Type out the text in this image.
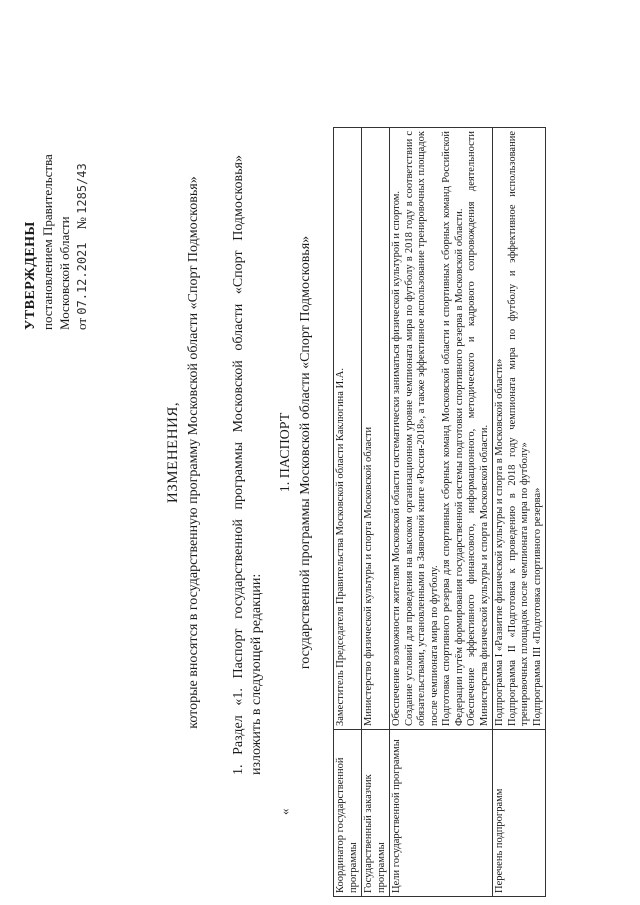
УТВЕРЖДЕНЫ постановлением Правительства Московской области от 07.12.2021    № 1285/43
ИЗМЕНЕНИЯ, которые вносятся в государственную программу Московской области «Спорт Подмосковья» 1. Раздел «1. Паспорт государственной программы Московской области «Спорт Подмосковья» изложить в следующей редакции:
«
1. ПАСПОРТ государственной программы Московской области «Спорт Подмосковья»
Координатор государственной программы	Заместитель Председателя Правительства Московской области Каклюгина И.А.
Государственный заказчик программы	Министерство физической культуры и спорта Московской области
Цели государственной программы	Обеспечение возможности жителям Московской области систематически заниматься физической культурой и спортом. Создание условий для проведения на высоком организационном уровне чемпионата мира по футболу в 2018 году в соответствии с обязательствами, установленными в Заявочной книге «Россия-2018», а также эффективное использование тренировочных площадок после чемпионата мира по футболу. Подготовка спортивного резерва для спортивных сборных команд Московской области и спортивных сборных команд Российской Федерации путём формирования государственной системы подготовки спортивного резерва в Московской области. Обеспечение эффективного финансового, информационного, методического и кадрового сопровождения деятельности Министерства физической культуры и спорта Московской области.

Перечень подпрограмм	Подпрограмма I «Развитие физической культуры и спорта в Московской области» Подпрограмма II «Подготовка к проведению в 2018 году чемпионата мира по футболу и эффективное использование тренировочных площадок после чемпионата мира по футболу» Подпрограмма III «Подготовка спортивного резерва»
